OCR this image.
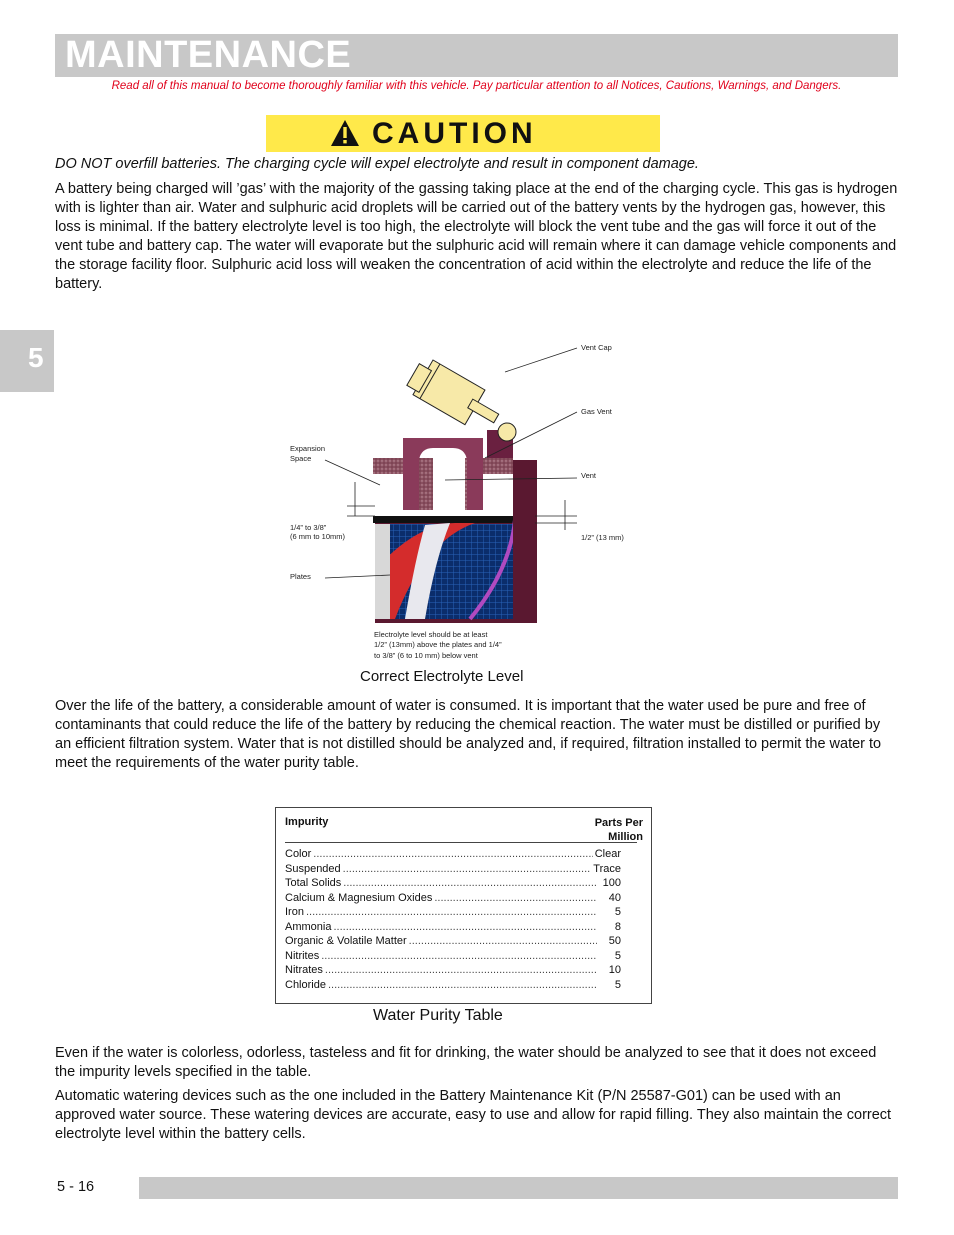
MAINTENANCE
Read all of this manual to become thoroughly familiar with this vehicle. Pay particular attention to all Notices, Cautions, Warnings, and Dangers.
CAUTION
DO NOT overfill batteries. The charging cycle will expel electrolyte and result in component damage.
A battery being charged will ’gas’ with the majority of the gassing taking place at the end of the charging cycle. This gas is hydrogen with is lighter than air. Water and sulphuric acid droplets will be carried out of the battery vents by the hydrogen gas, however, this loss is minimal. If the battery electrolyte level is too high, the electrolyte will block the vent tube and the gas will force it out of the vent tube and battery cap. The water will evaporate but the sulphuric acid will remain where it can damage vehicle components and the storage facility floor. Sulphuric acid loss will weaken the concentration of acid within the electrolyte and reduce the life of the battery.
5	Vent Cap
Gas Vent
Vent
Expansion
Space
1/4” to 3/8”
(6 mm to 10mm)	1/2” (13 mm)
Plates
Electrolyte level should be at least
1/2” (13mm) above the plates and 1/4”
to 3/8” (6 to 10 mm) below vent
Correct Electrolyte Level
Over the life of the battery, a considerable amount of water is consumed. It is important that the water used be pure and free of contaminants that could reduce the life of the battery by reducing the chemical reaction. The water must be distilled or purified by an efficient filtration system. Water that is not distilled should be analyzed and, if required, filtration installed to permit the water to meet the requirements of the water purity table.
Impurity	Parts Per
Million
Color .....	Clear
Suspended .....	Trace
Total Solids .....	100
Calcium & Magnesium Oxides .....	40
Iron .....	5
Ammonia .....	8
Organic & Volatile Matter .....	50
Nitrites .....	5
Nitrates .....	10
Chloride .....	5
Water Purity Table
Even if the water is colorless, odorless, tasteless and fit for drinking, the water should be analyzed to see that it does not exceed the impurity levels specified in the table.
Automatic watering devices such as the one included in the Battery Maintenance Kit (P/N 25587-G01) can be used with an approved water source. These watering devices are accurate, easy to use and allow for rapid filling. They also maintain the correct electrolyte level within the battery cells.
5 - 16
